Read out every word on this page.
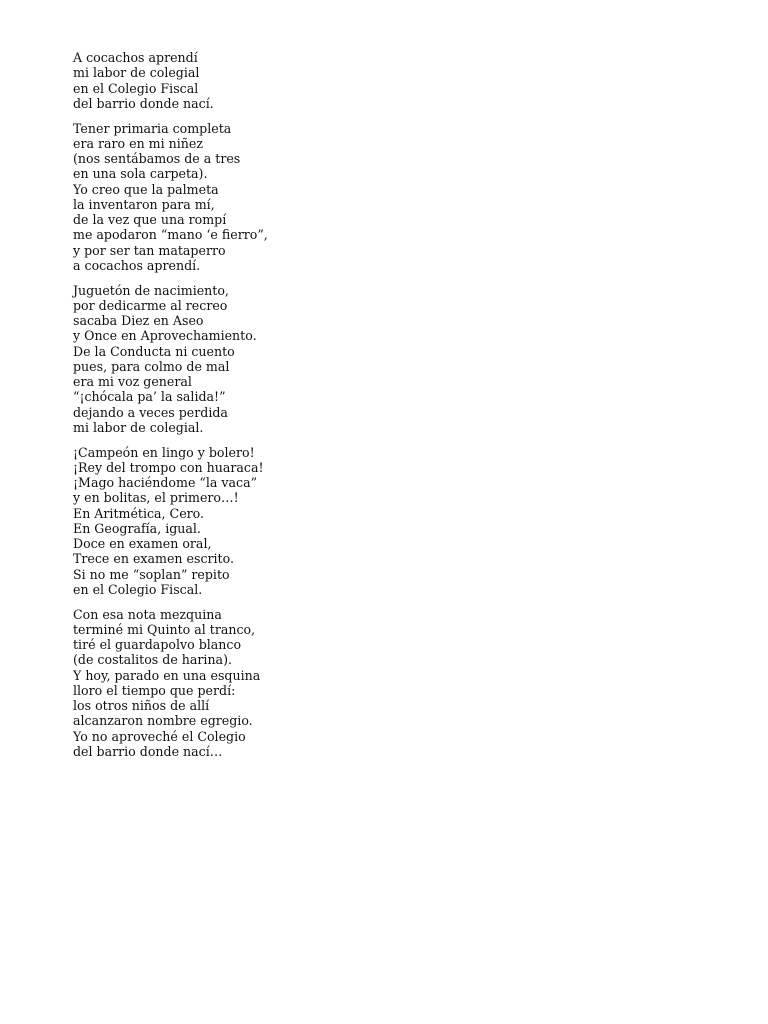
A cocachos aprendí
mi labor de colegial
en el Colegio Fiscal
del barrio donde nací.
Tener primaria completa
era raro en mi niñez
(nos sentábamos de a tres
en una sola carpeta).
Yo creo que la palmeta
la inventaron para mí,
de la vez que una rompí
me apodaron “mano ‘e fierro”,
y por ser tan mataperro
a cocachos aprendí.
Juguetón de nacimiento,
por dedicarme al recreo
sacaba Diez en Aseo
y Once en Aprovechamiento.
De la Conducta ni cuento
pues, para colmo de mal
era mi voz general
“¡chócala pa’ la salida!”
dejando a veces perdida
mi labor de colegial.
¡Campeón en lingo y bolero!
¡Rey del trompo con huaraca!
¡Mago haciéndome “la vaca”
y en bolitas, el primero…!
En Aritmética, Cero.
En Geografía, igual.
Doce en examen oral,
Trece en examen escrito.
Si no me “soplan” repito
en el Colegio Fiscal.
Con esa nota mezquina
terminé mi Quinto al tranco,
tiré el guardapolvo blanco
(de costalitos de harina).
Y hoy, parado en una esquina
lloro el tiempo que perdí:
los otros niños de allí
alcanzaron nombre egregio.
Yo no aproveché el Colegio
del barrio donde nací…
